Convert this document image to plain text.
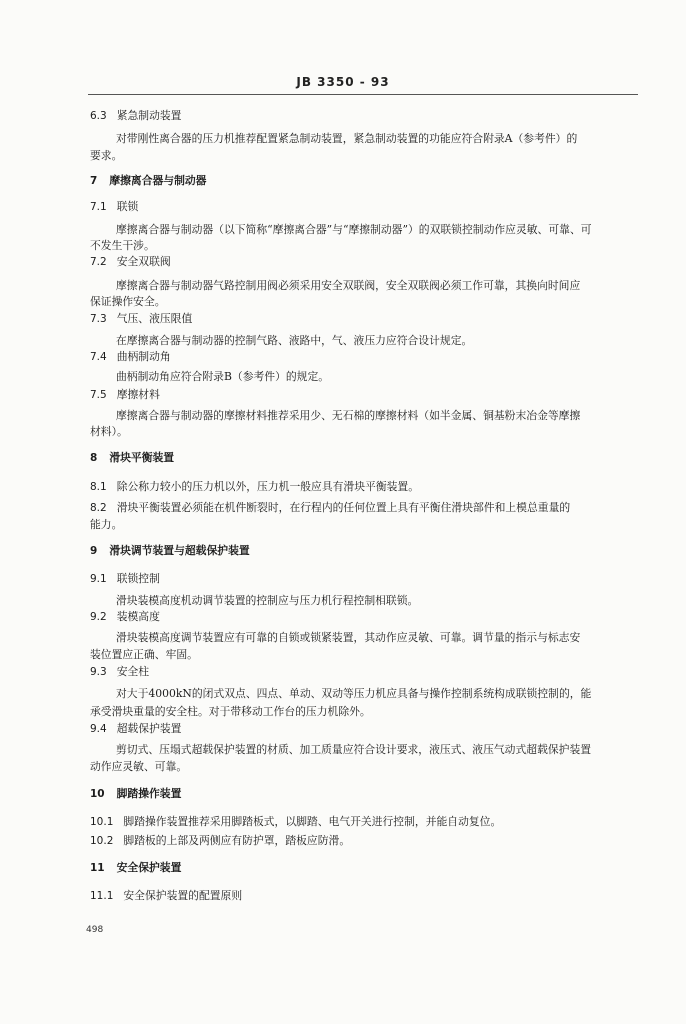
JB 3350 - 93
6.3 紧急制动装置
对带刚性离合器的压力机推荐配置紧急制动装置，紧急制动装置的功能应符合附录A（参考件）的
要求。
7 摩擦离合器与制动器
7.1 联锁
摩擦离合器与制动器（以下简称“摩擦离合器”与“摩擦制动器”）的双联锁控制动作应灵敏、可靠、可
不发生干涉。
7.2 安全双联阀
摩擦离合器与制动器气路控制用阀必须采用安全双联阀，安全双联阀必须工作可靠，其换向时间应
保证操作安全。
7.3 气压、液压限值
在摩擦离合器与制动器的控制气路、液路中，气、液压力应符合设计规定。
7.4 曲柄制动角
曲柄制动角应符合附录B（参考件）的规定。
7.5 摩擦材料
摩擦离合器与制动器的摩擦材料推荐采用少、无石棉的摩擦材料（如半金属、铜基粉末冶金等摩擦
材料）。
8 滑块平衡装置
8.1 除公称力较小的压力机以外，压力机一般应具有滑块平衡装置。
8.2 滑块平衡装置必须能在机件断裂时，在行程内的任何位置上具有平衡住滑块部件和上模总重量的
能力。
9 滑块调节装置与超载保护装置
9.1 联锁控制
滑块装模高度机动调节装置的控制应与压力机行程控制相联锁。
9.2 装模高度
滑块装模高度调节装置应有可靠的自锁或锁紧装置，其动作应灵敏、可靠。调节量的指示与标志安
装位置应正确、牢固。
9.3 安全柱
对大于4000kN的闭式双点、四点、单动、双动等压力机应具备与操作控制系统构成联锁控制的，能
承受滑块重量的安全柱。对于带移动工作台的压力机除外。
9.4 超载保护装置
剪切式、压塌式超载保护装置的材质、加工质量应符合设计要求，液压式、液压气动式超载保护装置
动作应灵敏、可靠。
10 脚踏操作装置
10.1 脚踏操作装置推荐采用脚踏板式，以脚踏、电气开关进行控制，并能自动复位。
10.2 脚踏板的上部及两侧应有防护罩，踏板应防滑。
11 安全保护装置
11.1 安全保护装置的配置原则
498
